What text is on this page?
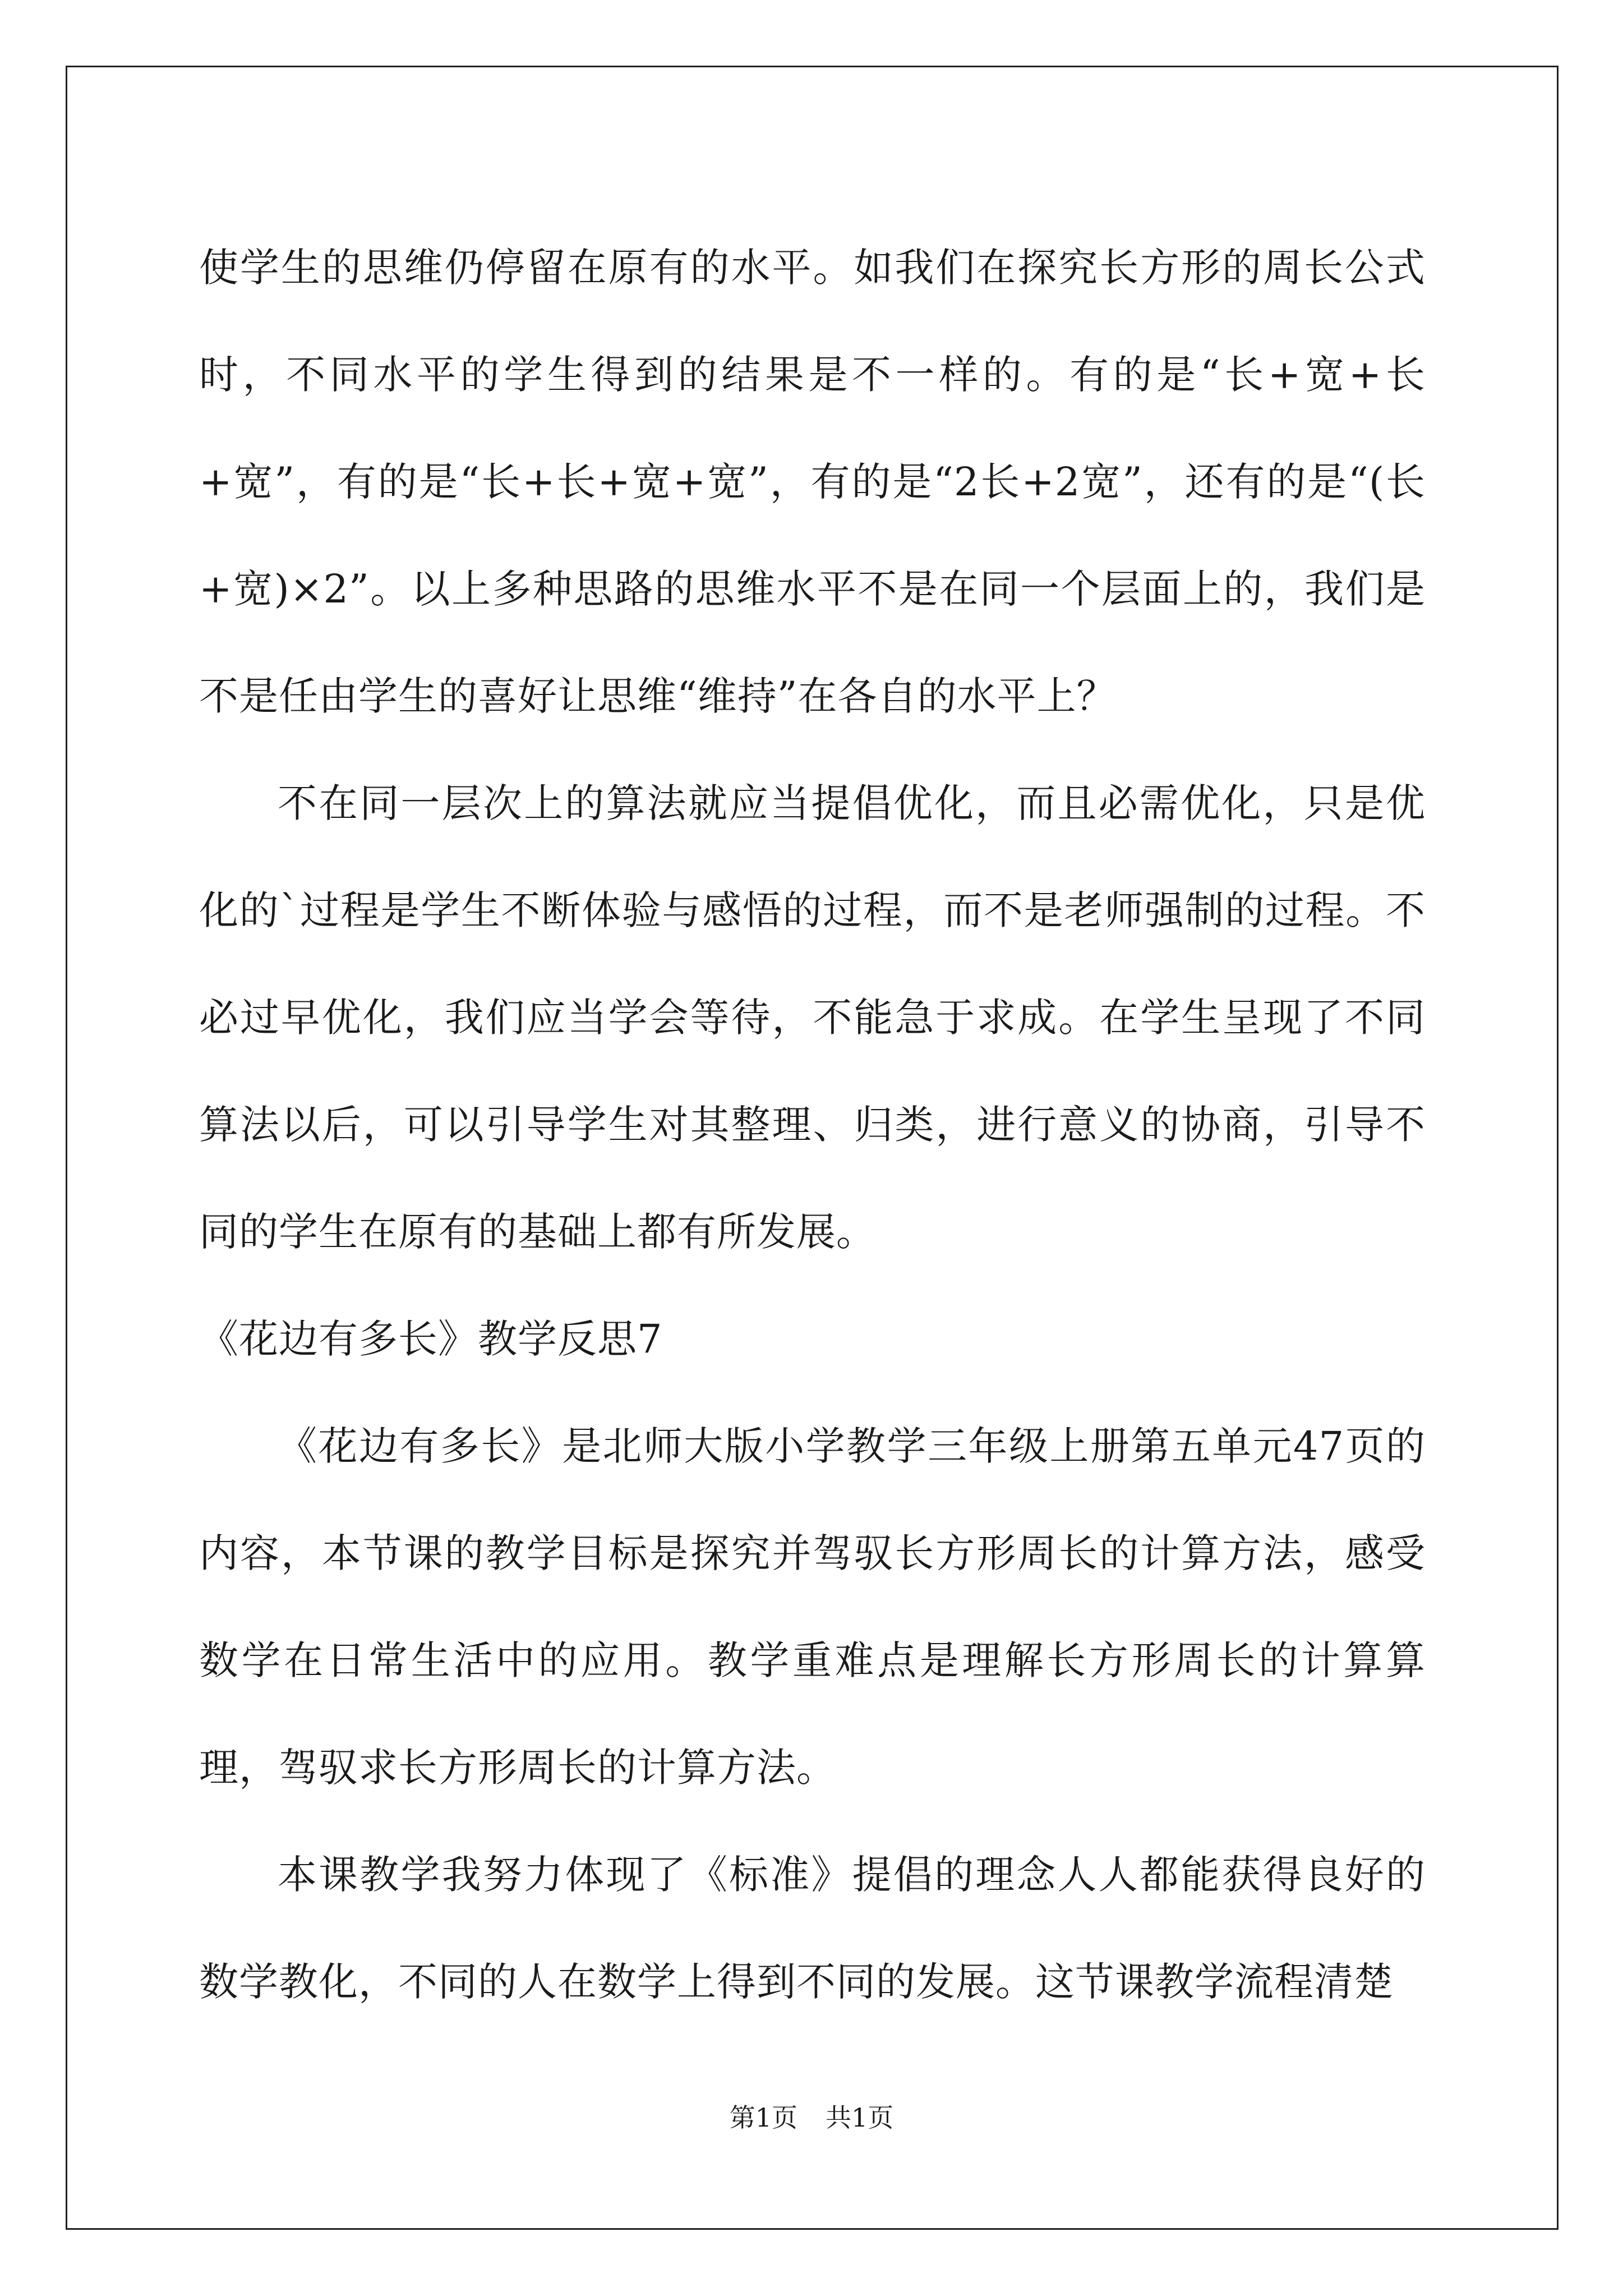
使学生的思维仍停留在原有的水平。如我们在探究长方形的周长公式时，不同水平的学生得到的结果是不一样的。有的是“长+宽+长+宽”，有的是“长+长+宽+宽”，有的是“2长+2宽”，还有的是“(长+宽)×2”。以上多种思路的思维水平不是在同一个层面上的，我们是不是任由学生的喜好让思维“维持”在各自的水平上？

不在同一层次上的算法就应当提倡优化，而且必需优化，只是优化的`过程是学生不断体验与感悟的过程，而不是老师强制的过程。不必过早优化，我们应当学会等待，不能急于求成。在学生呈现了不同算法以后，可以引导学生对其整理、归类，进行意义的协商，引导不同的学生在原有的基础上都有所发展。

《花边有多长》教学反思7

《花边有多长》是北师大版小学教学三年级上册第五单元47页的内容，本节课的教学目标是探究并驾驭长方形周长的计算方法，感受数学在日常生活中的应用。教学重难点是理解长方形周长的计算算理，驾驭求长方形周长的计算方法。

本课教学我努力体现了《标准》提倡的理念人人都能获得良好的数学教化，不同的人在数学上得到不同的发展。这节课教学流程清楚

第1页 共1页
